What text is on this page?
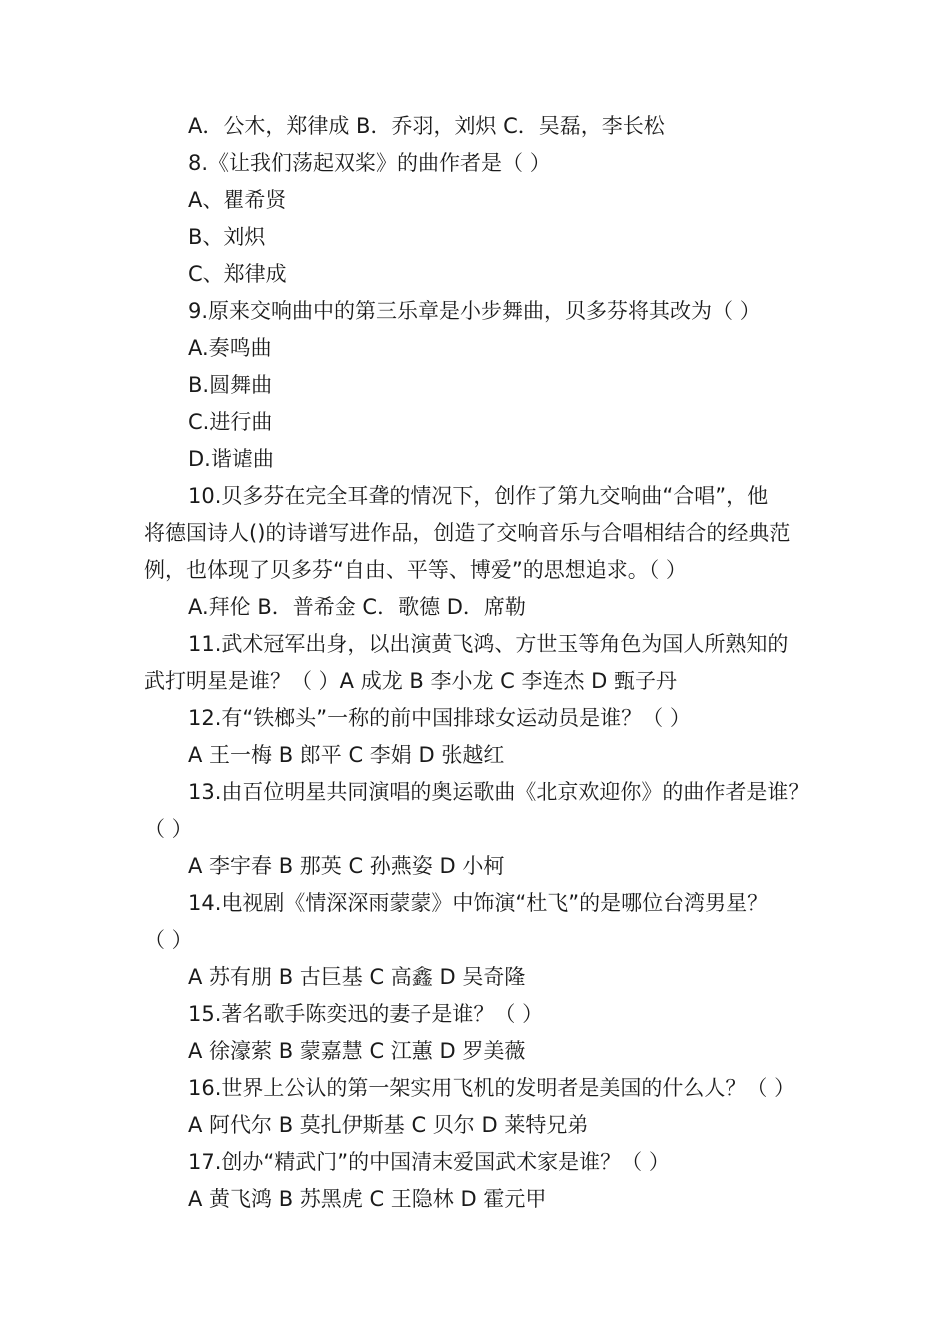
A．公木，郑律成 B．乔羽，刘炽 C．吴磊，李长松
8.《让我们荡起双桨》的曲作者是（ ）
A、瞿希贤
B、刘炽
C、郑律成
9.原来交响曲中的第三乐章是小步舞曲，贝多芬将其改为（ ）
A.奏鸣曲
B.圆舞曲
C.进行曲
D.谐谑曲
10.贝多芬在完全耳聋的情况下，创作了第九交响曲“合唱”，他
将德国诗人()的诗谱写进作品，创造了交响音乐与合唱相结合的经典范
例，也体现了贝多芬“自由、平等、博爱”的思想追求。（ ）
A.拜伦 B．普希金 C．歌德 D．席勒
11.武术冠军出身，以出演黄飞鸿、方世玉等角色为国人所熟知的
武打明星是谁？（ ）A 成龙 B 李小龙 C 李连杰 D 甄子丹
12.有“铁榔头”一称的前中国排球女运动员是谁？（ ）
A 王一梅 B 郎平 C 李娟 D 张越红
13.由百位明星共同演唱的奥运歌曲《北京欢迎你》的曲作者是谁？
（ ）
A 李宇春 B 那英 C 孙燕姿 D 小柯
14.电视剧《情深深雨蒙蒙》中饰演“杜飞”的是哪位台湾男星？
（ ）
A 苏有朋 B 古巨基 C 高鑫 D 吴奇隆
15.著名歌手陈奕迅的妻子是谁？（ ）
A 徐濠萦 B 蒙嘉慧 C 江蕙 D 罗美薇
16.世界上公认的第一架实用飞机的发明者是美国的什么人？（ ）
A 阿代尔 B 莫扎伊斯基 C 贝尔 D 莱特兄弟
17.创办“精武门”的中国清末爱国武术家是谁？（ ）
A 黄飞鸿 B 苏黑虎 C 王隐林 D 霍元甲
